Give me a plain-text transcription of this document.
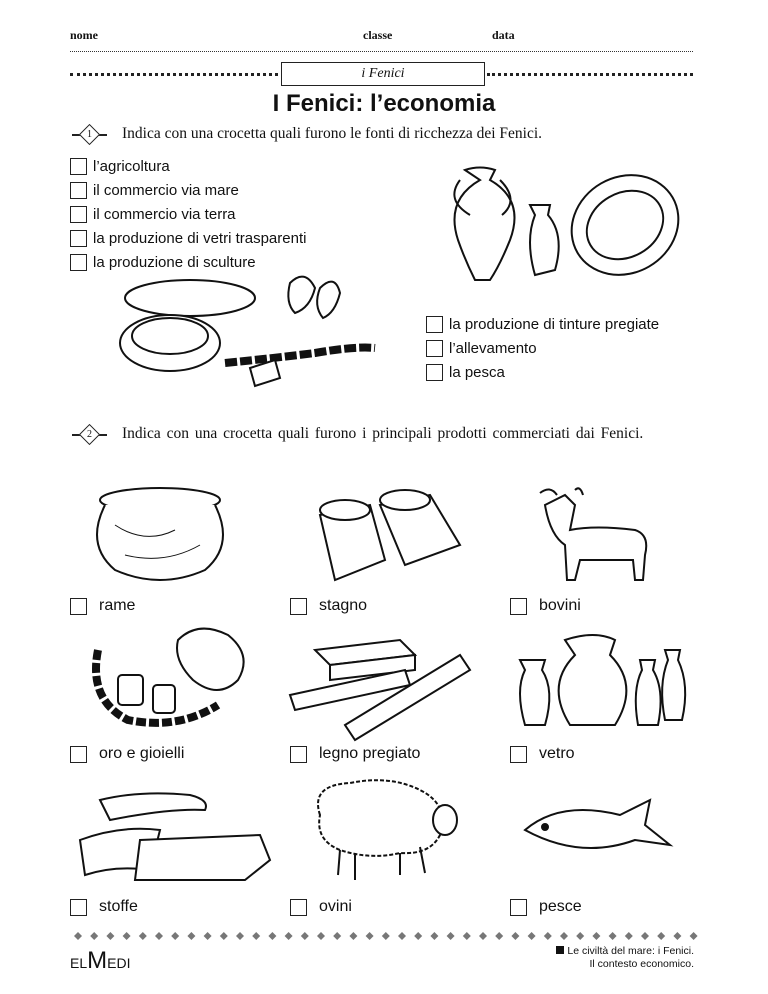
nome	classe	data
i Fenici
I Fenici: l’economia
1 Indica con una crocetta quali furono le fonti di ricchezza dei Fenici.
l’agricoltura
il commercio via mare
il commercio via terra
la produzione di vetri trasparenti
la produzione di sculture
la produzione di tinture pregiate
l’allevamento
la pesca
2 Indica con una crocetta quali furono i principali prodotti commerciati dai Fenici.
rame	stagno	bovini
oro e gioielli	legno pregiato	vetro
stoffe	ovini	pesce
ELMEDI
Le civiltà del mare: i Fenici.
Il contesto economico.
